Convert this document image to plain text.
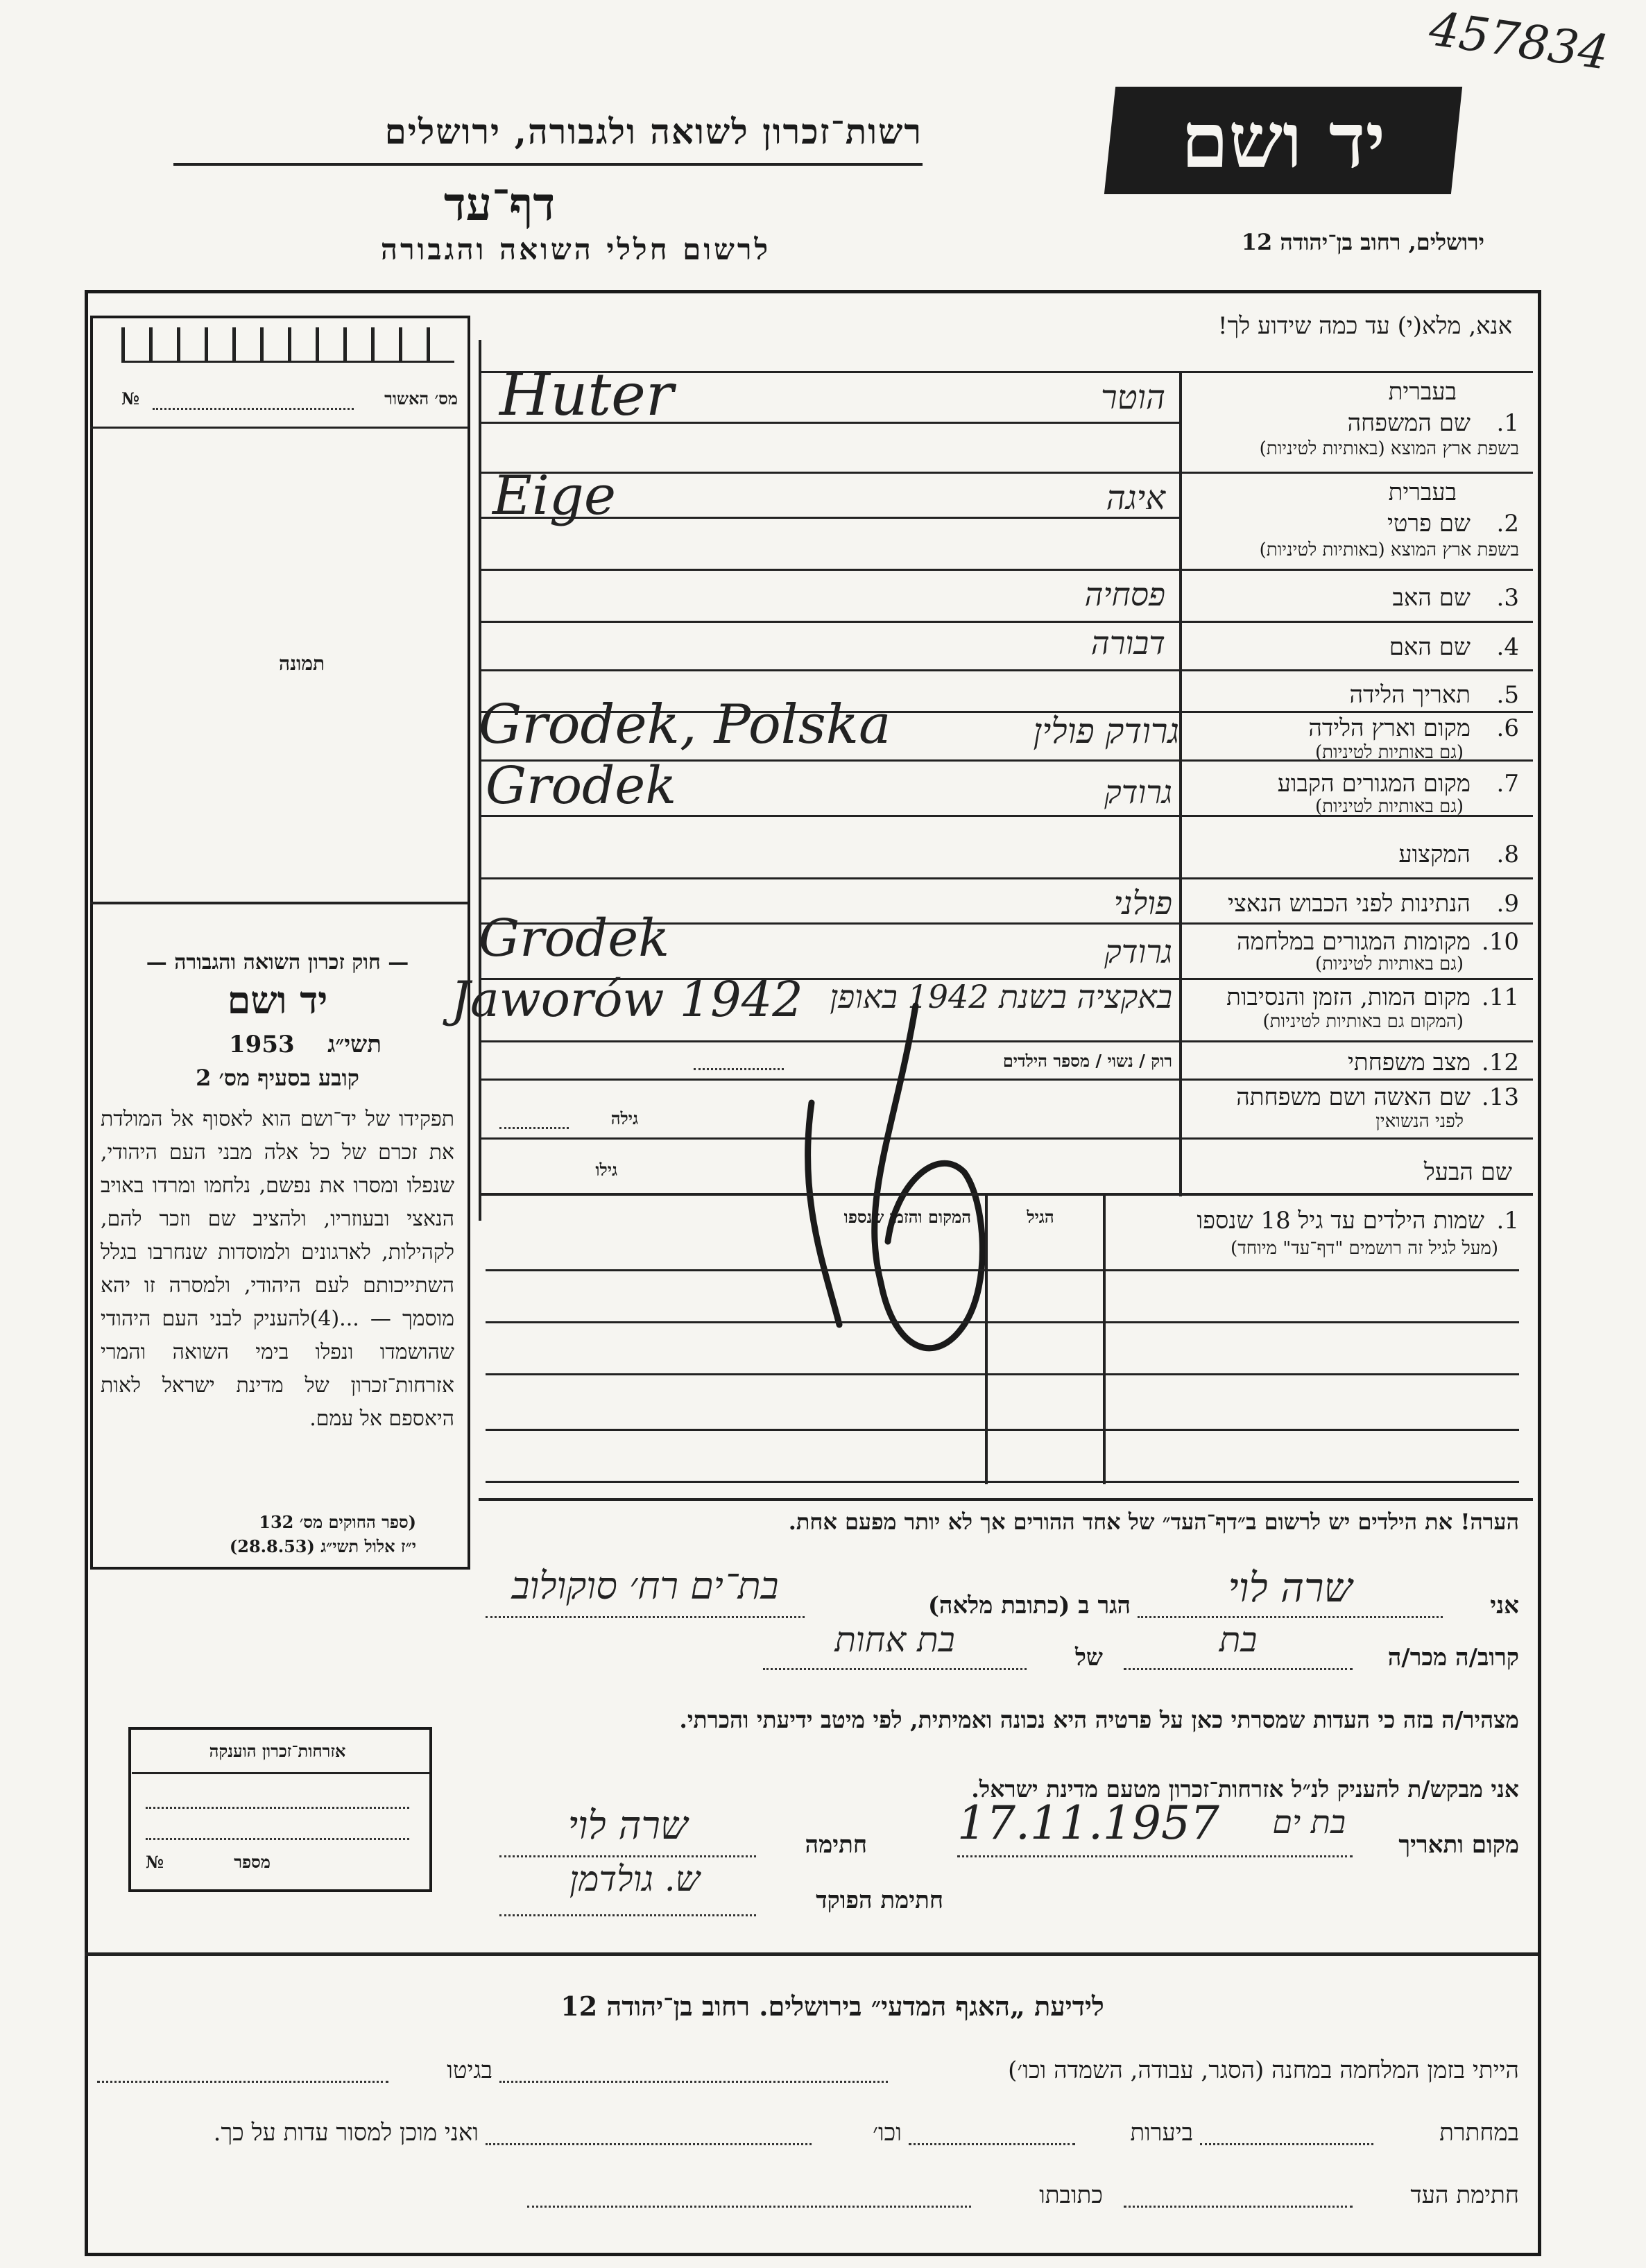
457834
רשות־זכרון לשואה ולגבורה, ירושלים
דף־עד
לרשום חללי השואה והגבורה
יד ושם
ירושלים, רחוב בן־יהודה 12
אנא, מלא(י) עד כמה שידוע לך!
מס׳ האשור
№
תמונה
— חוק זכרון השואה והגבורה —
יד ושם
1953	תשי״ג
קובע בסעיף מס׳ 2
תפקידו של יד־ושם הוא לאסוף אל המולדת את זכרם של כל אלה מבני העם היהודי, שנפלו ומסרו את נפשם, נלחמו ומרדו באויב הנאצי ובעוזריו, ולהציב שם וזכר להם, לקהילות, לארגונים ולמוסדות שנחרבו בגלל השתייכותם לעם היהודי, ולמסרה זו יהא מוסמך — ...(4)להעניק לבני העם היהודי שהושמדו ונפלו בימי השואה והמרי אזרחות־זכרון של מדינת ישראל לאות היאספם אל עמם.
(ספר החוקים מס׳ 132
י״ז אלול תשי״ג (28.8.53)
בעברית
1.
שם המשפחה
בשפת ארץ המוצא (באותיות לטיניות)
Huter	הוטר
בעברית
2.
שם פרטי
בשפת ארץ המוצא (באותיות לטיניות)
Eige	איגה
3.
שם האב
פסחיה
4.
שם האם
דבורה
5.
תאריך הלידה
6.
מקום וארץ הלידה
(גם באותיות לטיניות)
Grodek, Polska	גרודק פולין
7.
מקום המגורים הקבוע
(גם באותיות לטיניות)
Grodek	גרודק
8.
המקצוע
9.
הנתינות לפני הכבוש הנאצי
פולני
10.
מקומות המגורים במלחמה
(גם באותיות לטיניות)
Grodek	גרודק
11.
מקום המות, הזמן והנסיבות
(המקום גם באותיות לטיניות)
Jaworów 1942 באקציה בשנת 1942 באופן
12.
מצב משפחתי
רוק / נשוי / מספר הילדים
13.
שם האשה ושם משפחתה
לפני הנשואין
גילה
שם הבעל
גילו
1.
שמות הילדים עד גיל 18 שנספו
(מעל לגיל זה רושמים "דף־עד" מיוחד)
הגיל
המקום והזמן שנספו
הערה! את הילדים יש לרשום ב״דף־העד״ של אחד ההורים אך לא יותר מפעם אחת.
אני
שרה לוי
הגר ב (כתובת מלאה)
בת־ים רח׳ סוקולוב
קרוב/ה מכר/ה
בת
של
בת אחות
מצהיר/ה בזה כי העדות שמסרתי כאן על פרטיה היא נכונה ואמיתית, לפי מיטב ידיעתי והכרתי.
אני מבקש/ת להעניק לנ״ל אזרחות־זכרון מטעם מדינת ישראל.
מקום ותאריך
בת ים
17.11.1957
חתימה
שרה לוי
חתימת הפוקד
ש. גולדמן
אזרחות־זכרון הוענקה
מספר
№
לידיעת „האגף המדעי״ בירושלים. רחוב בן־יהודה 12
הייתי בזמן המלחמה במחנה (הסגר, עבודה, השמדה וכו׳)
בגיטו
במחתרת
ביערות
וכו׳
ואני מוכן למסור עדות על כך.
חתימת העד
כתובתו
